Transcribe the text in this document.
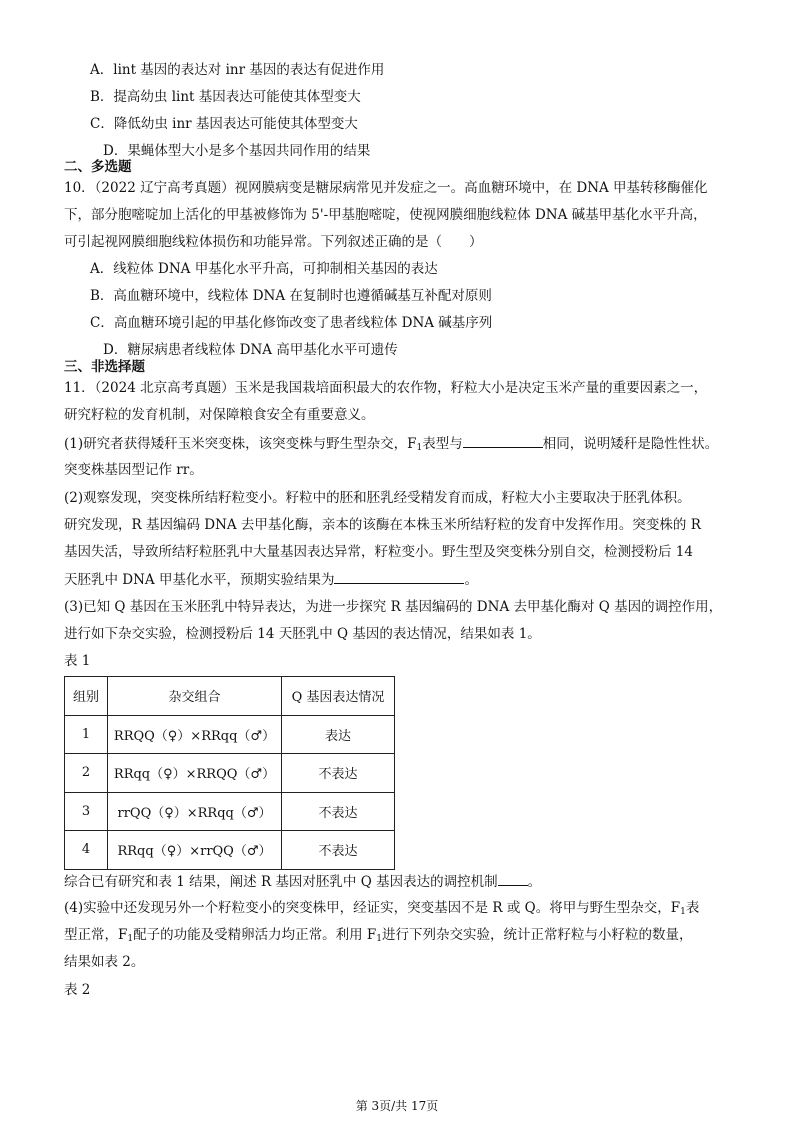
A．lint 基因的表达对 inr 基因的表达有促进作用
B．提高幼虫 lint 基因表达可能使其体型变大
C．降低幼虫 inr 基因表达可能使其体型变大
D．果蝇体型大小是多个基因共同作用的结果
二、多选题
10．（2022 辽宁高考真题）视网膜病变是糖尿病常见并发症之一。高血糖环境中，在 DNA 甲基转移酶催化
下，部分胞嘧啶加上活化的甲基被修饰为 5'-甲基胞嘧啶，使视网膜细胞线粒体 DNA 碱基甲基化水平升高，
可引起视网膜细胞线粒体损伤和功能异常。下列叙述正确的是（　　）
A．线粒体 DNA 甲基化水平升高，可抑制相关基因的表达
B．高血糖环境中，线粒体 DNA 在复制时也遵循碱基互补配对原则
C．高血糖环境引起的甲基化修饰改变了患者线粒体 DNA 碱基序列
D．糖尿病患者线粒体 DNA 高甲基化水平可遗传
三、非选择题
11．（2024 北京高考真题）玉米是我国栽培面积最大的农作物，籽粒大小是决定玉米产量的重要因素之一，
研究籽粒的发育机制，对保障粮食安全有重要意义。
(1)研究者获得矮秆玉米突变株，该突变株与野生型杂交，$F_1$表型与	相同，说明矮秆是隐性性状。
突变株基因型记作 rr。
(2)观察发现，突变株所结籽粒变小。籽粒中的胚和胚乳经受精发育而成，籽粒大小主要取决于胚乳体积。
研究发现，R 基因编码 DNA 去甲基化酶，亲本的该酶在本株玉米所结籽粒的发育中发挥作用。突变株的 R
基因失活，导致所结籽粒胚乳中大量基因表达异常，籽粒变小。野生型及突变株分别自交，检测授粉后 14
天胚乳中 DNA 甲基化水平，预期实验结果为	。
(3)已知 Q 基因在玉米胚乳中特异表达，为进一步探究 R 基因编码的 DNA 去甲基化酶对 Q 基因的调控作用，
进行如下杂交实验，检测授粉后 14 天胚乳中 Q 基因的表达情况，结果如表 1。
表 1
组别	杂交组合	Q 基因表达情况
1	RRQQ（♀）×RRqq（♂）	表达
2	RRqq（♀）×RRQQ（♂）	不表达
3	rrQQ（♀）×RRqq（♂）	不表达
4	RRqq（♀）×rrQQ（♂）	不表达
综合已有研究和表 1 结果，阐述 R 基因对胚乳中 Q 基因表达的调控机制 。
(4)实验中还发现另外一个籽粒变小的突变株甲，经证实，突变基因不是 R 或 Q。将甲与野生型杂交，$F_1$表
型正常，$F_1$配子的功能及受精卵活力均正常。利用 $F_1$进行下列杂交实验，统计正常籽粒与小籽粒的数量，
结果如表 2。
表 2
第 3页/共 17页
